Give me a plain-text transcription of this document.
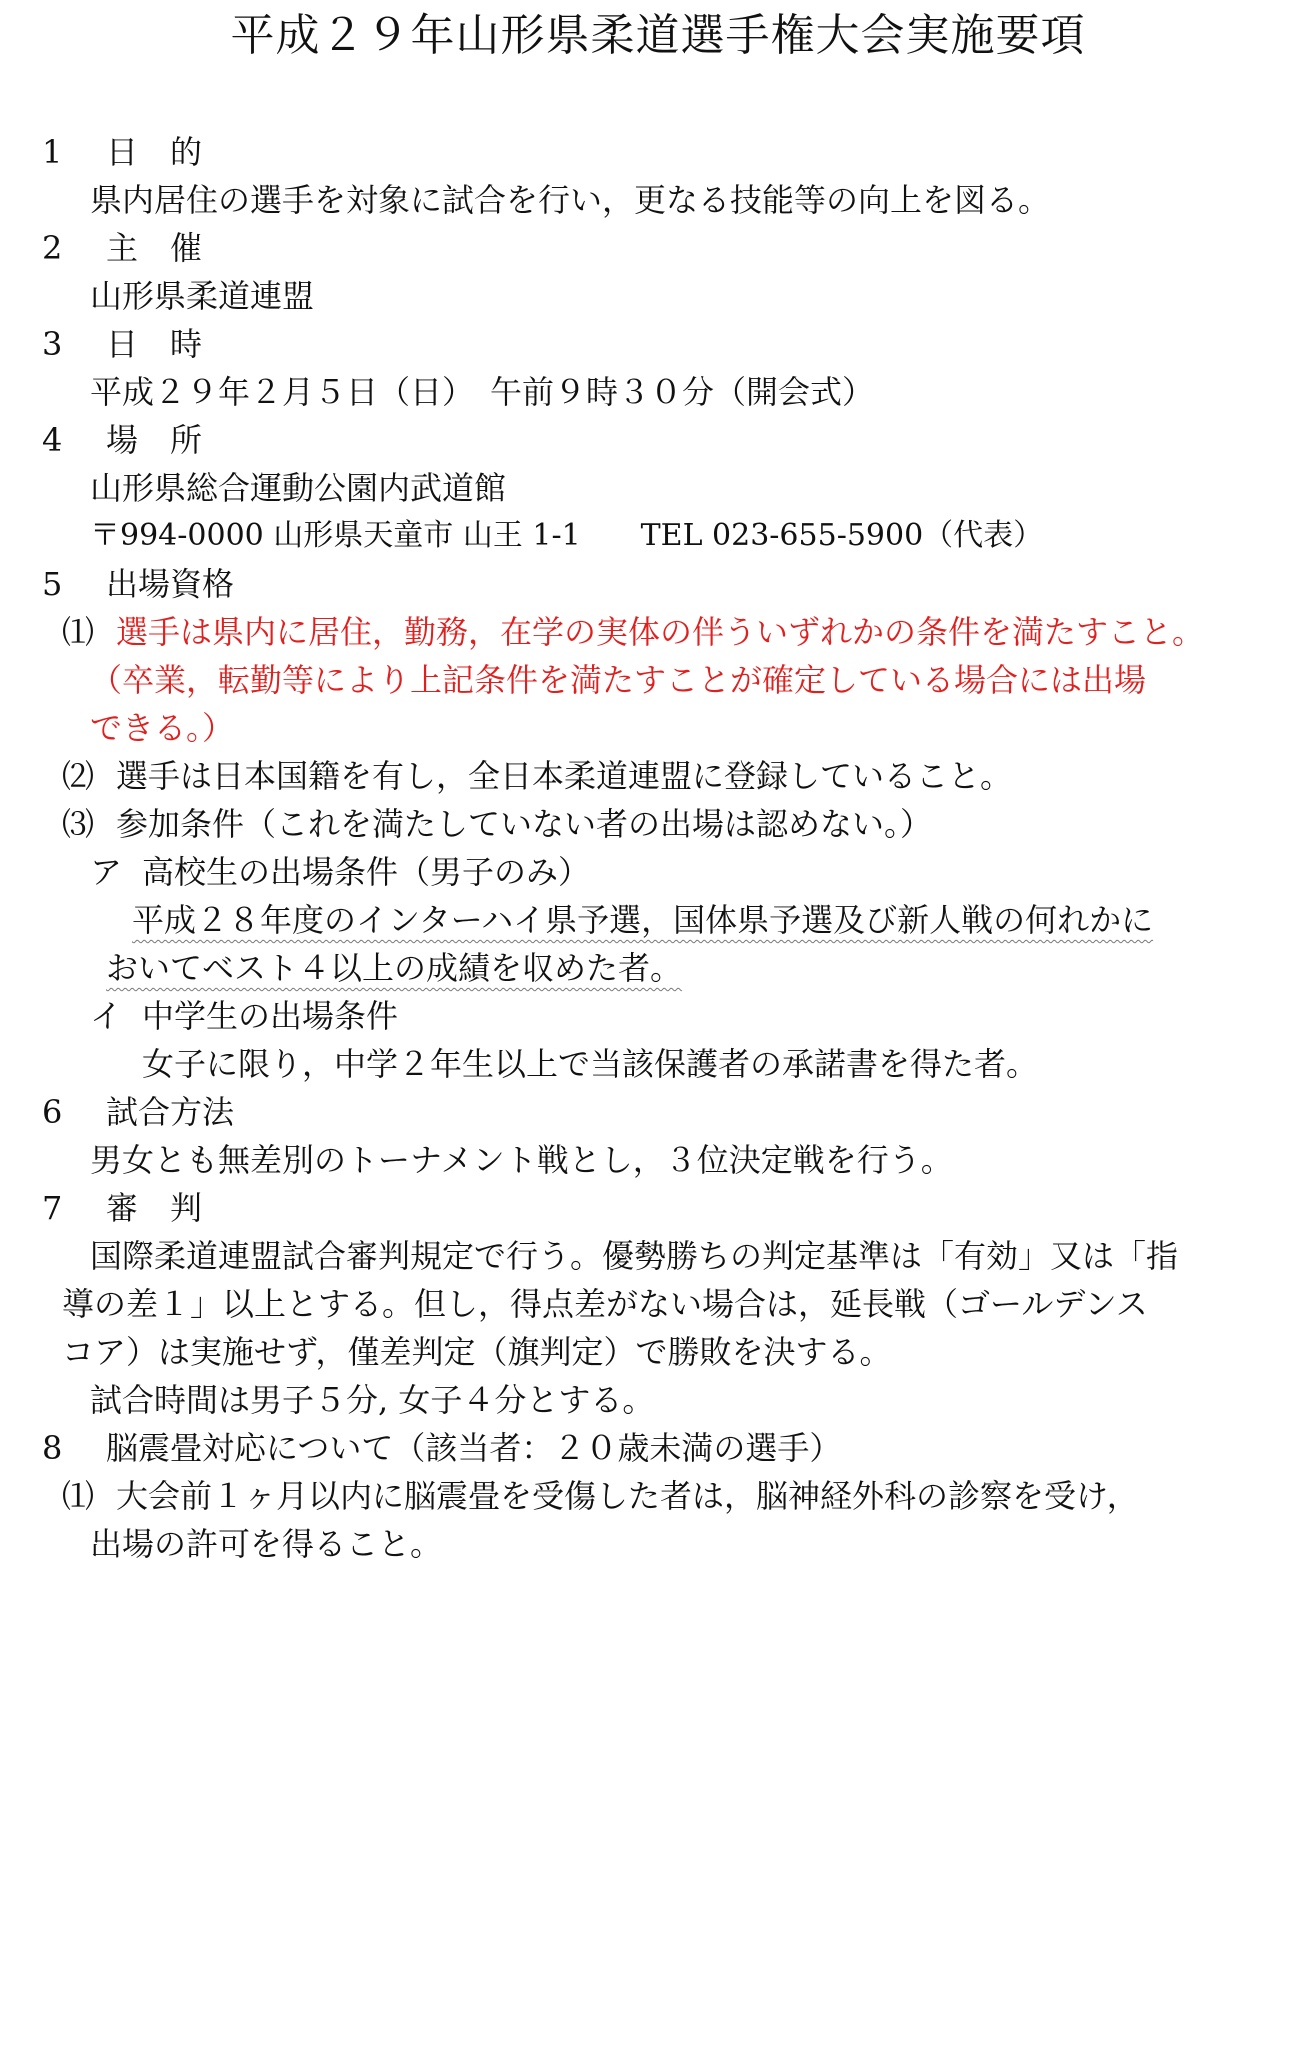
平成２９年山形県柔道選手権大会実施要項
1 日　的
県内居住の選手を対象に試合を行い，更なる技能等の向上を図る。
2 主　催
山形県柔道連盟
3 日　時
平成２９年２月５日（日）　午前９時３０分（開会式）
4 場　所
山形県総合運動公園内武道館
〒994-0000 山形県天童市 山王 1-1　　TEL 023-655-5900（代表）
5 出場資格
⑴ 選手は県内に居住，勤務，在学の実体の伴ういずれかの条件を満たすこと。
（卒業，転勤等により上記条件を満たすことが確定している場合には出場
できる。）
⑵ 選手は日本国籍を有し，全日本柔道連盟に登録していること。
⑶ 参加条件（これを満たしていない者の出場は認めない。）
ア 高校生の出場条件（男子のみ）
平成２８年度のインターハイ県予選，国体県予選及び新人戦の何れかに
おいてベスト４以上の成績を収めた者。
イ 中学生の出場条件
女子に限り，中学２年生以上で当該保護者の承諾書を得た者。
6 試合方法
男女とも無差別のトーナメント戦とし，３位決定戦を行う。
7 審　判
国際柔道連盟試合審判規定で行う。優勢勝ちの判定基準は「有効」又は「指
導の差１」以上とする。但し，得点差がない場合は，延長戦（ゴールデンス
コア）は実施せず，僅差判定（旗判定）で勝敗を決する。
試合時間は男子５分, 女子４分とする。
8 脳震畳対応について（該当者：２０歳未満の選手）
⑴ 大会前１ヶ月以内に脳震畳を受傷した者は，脳神経外科の診察を受け，
出場の許可を得ること。
